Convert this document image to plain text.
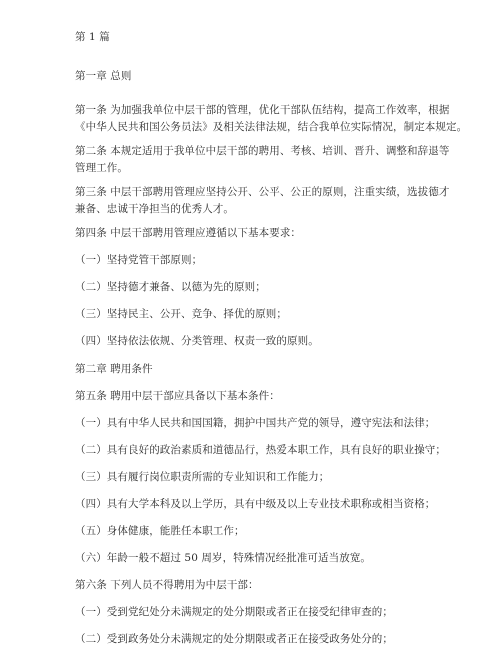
第 1 篇
第一章 总则
第一条 为加强我单位中层干部的管理，优化干部队伍结构，提高工作效率，根据
《中华人民共和国公务员法》及相关法律法规，结合我单位实际情况，制定本规定。
第二条 本规定适用于我单位中层干部的聘用、考核、培训、晋升、调整和辞退等
管理工作。
第三条 中层干部聘用管理应坚持公开、公平、公正的原则，注重实绩，选拔德才
兼备、忠诚干净担当的优秀人才。
第四条 中层干部聘用管理应遵循以下基本要求：
（一）坚持党管干部原则；
（二）坚持德才兼备、以德为先的原则；
（三）坚持民主、公开、竞争、择优的原则；
（四）坚持依法依规、分类管理、权责一致的原则。
第二章 聘用条件
第五条 聘用中层干部应具备以下基本条件：
（一）具有中华人民共和国国籍，拥护中国共产党的领导，遵守宪法和法律；
（二）具有良好的政治素质和道德品行，热爱本职工作，具有良好的职业操守；
（三）具有履行岗位职责所需的专业知识和工作能力；
（四）具有大学本科及以上学历，具有中级及以上专业技术职称或相当资格；
（五）身体健康，能胜任本职工作；
（六）年龄一般不超过 50 周岁，特殊情况经批准可适当放宽。
第六条 下列人员不得聘用为中层干部：
（一）受到党纪处分未满规定的处分期限或者正在接受纪律审查的；
（二）受到政务处分未满规定的处分期限或者正在接受政务处分的；
